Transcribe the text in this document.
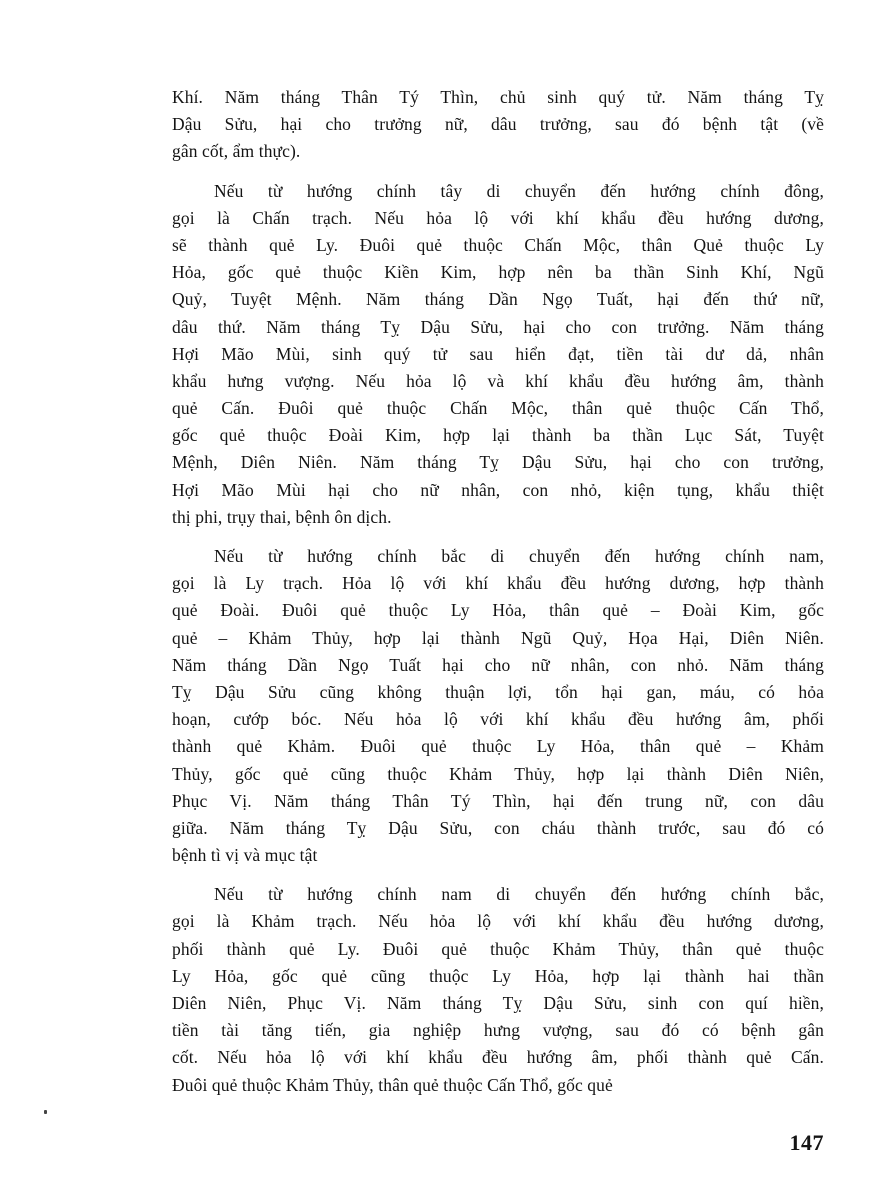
Khí. Năm tháng Thân Tý Thìn, chủ sinh quý tử. Năm tháng Tỵ
Dậu Sửu, hại cho trưởng nữ, dâu trưởng, sau đó bệnh tật (về
gân cốt, ẩm thực).
Nếu từ hướng chính tây di chuyển đến hướng chính đông,
gọi là Chấn trạch. Nếu hỏa lộ với khí khẩu đều hướng dương,
sẽ thành quẻ Ly. Đuôi quẻ thuộc Chấn Mộc, thân Quẻ thuộc Ly
Hỏa, gốc quẻ thuộc Kiền Kim, hợp nên ba thần Sinh Khí, Ngũ
Quỷ, Tuyệt Mệnh. Năm tháng Dần Ngọ Tuất, hại đến thứ nữ,
dâu thứ. Năm tháng Tỵ Dậu Sửu, hại cho con trưởng. Năm tháng
Hợi Mão Mùi, sinh quý tử sau hiển đạt, tiền tài dư dả, nhân
khẩu hưng vượng. Nếu hỏa lộ và khí khẩu đều hướng âm, thành
quẻ Cấn. Đuôi quẻ thuộc Chấn Mộc, thân quẻ thuộc Cấn Thổ,
gốc quẻ thuộc Đoài Kim, hợp lại thành ba thần Lục Sát, Tuyệt
Mệnh, Diên Niên. Năm tháng Tỵ Dậu Sửu, hại cho con trưởng,
Hợi Mão Mùi hại cho nữ nhân, con nhỏ, kiện tụng, khẩu thiệt
thị phi, trụy thai, bệnh ôn dịch.
Nếu từ hướng chính bắc di chuyển đến hướng chính nam,
gọi là Ly trạch. Hỏa lộ với khí khẩu đều hướng dương, hợp thành
quẻ Đoài. Đuôi quẻ thuộc Ly Hỏa, thân quẻ – Đoài Kim, gốc
quẻ – Khảm Thủy, hợp lại thành Ngũ Quỷ, Họa Hại, Diên Niên.
Năm tháng Dần Ngọ Tuất hại cho nữ nhân, con nhỏ. Năm tháng
Tỵ Dậu Sửu cũng không thuận lợi, tổn hại gan, máu, có hỏa
hoạn, cướp bóc. Nếu hỏa lộ với khí khẩu đều hướng âm, phối
thành quẻ Khảm. Đuôi quẻ thuộc Ly Hỏa, thân quẻ – Khảm
Thủy, gốc quẻ cũng thuộc Khảm Thủy, hợp lại thành Diên Niên,
Phục Vị. Năm tháng Thân Tý Thìn, hại đến trung nữ, con dâu
giữa. Năm tháng Tỵ Dậu Sửu, con cháu thành trước, sau đó có
bệnh tì vị và mục tật
Nếu từ hướng chính nam di chuyển đến hướng chính bắc,
gọi là Khảm trạch. Nếu hỏa lộ với khí khẩu đều hướng dương,
phối thành quẻ Ly. Đuôi quẻ thuộc Khảm Thủy, thân quẻ thuộc
Ly Hỏa, gốc quẻ cũng thuộc Ly Hỏa, hợp lại thành hai thần
Diên Niên, Phục Vị. Năm tháng Tỵ Dậu Sửu, sinh con quí hiền,
tiền tài tăng tiến, gia nghiệp hưng vượng, sau đó có bệnh gân
cốt. Nếu hỏa lộ với khí khẩu đều hướng âm, phối thành quẻ Cấn.
Đuôi quẻ thuộc Khảm Thủy, thân quẻ thuộc Cấn Thổ, gốc quẻ
147
